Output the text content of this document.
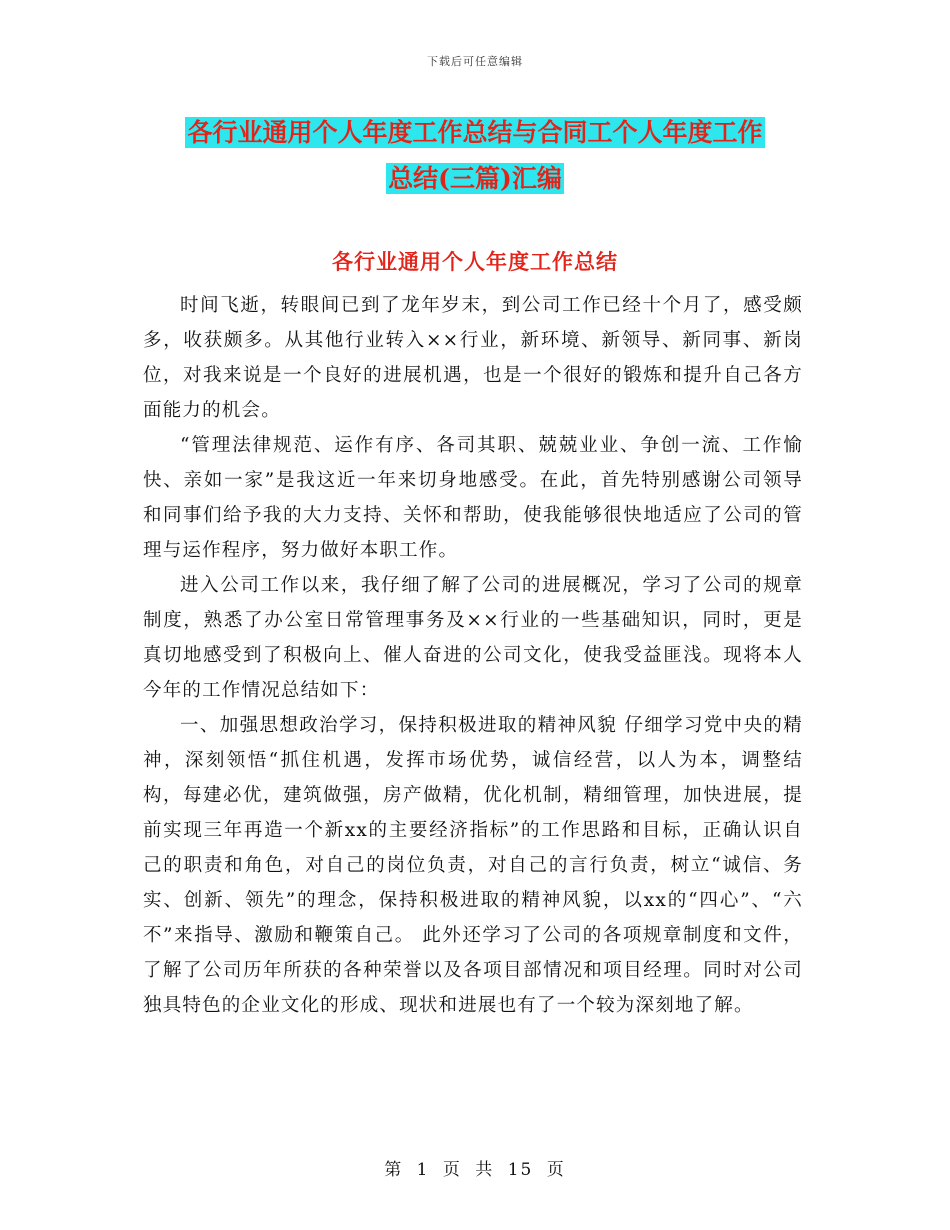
下载后可任意编辑
各行业通用个人年度工作总结与合同工个人年度工作
总结(三篇)汇编
各行业通用个人年度工作总结

时间飞逝，转眼间已到了龙年岁末，到公司工作已经十个月了，感受颇多，收获颇多。从其他行业转入××行业，新环境、新领导、新同事、新岗位，对我来说是一个良好的进展机遇，也是一个很好的锻炼和提升自己各方面能力的机会。

“管理法律规范、运作有序、各司其职、兢兢业业、争创一流、工作愉快、亲如一家”是我这近一年来切身地感受。在此，首先特别感谢公司领导和同事们给予我的大力支持、关怀和帮助，使我能够很快地适应了公司的管理与运作程序，努力做好本职工作。

进入公司工作以来，我仔细了解了公司的进展概况，学习了公司的规章制度，熟悉了办公室日常管理事务及××行业的一些基础知识，同时，更是真切地感受到了积极向上、催人奋进的公司文化，使我受益匪浅。现将本人今年的工作情况总结如下：

一、加强思想政治学习，保持积极进取的精神风貌 仔细学习党中央的精神，深刻领悟“抓住机遇，发挥市场优势，诚信经营，以人为本，调整结构，每建必优，建筑做强，房产做精，优化机制，精细管理，加快进展，提前实现三年再造一个新xx的主要经济指标”的工作思路和目标，正确认识自己的职责和角色，对自己的岗位负责，对自己的言行负责，树立“诚信、务实、创新、领先”的理念，保持积极进取的精神风貌，以xx的“四心”、“六不”来指导、激励和鞭策自己。 此外还学习了公司的各项规章制度和文件，了解了公司历年所获的各种荣誉以及各项目部情况和项目经理。同时对公司独具特色的企业文化的形成、现状和进展也有了一个较为深刻地了解。

第 1 页 共 15 页
